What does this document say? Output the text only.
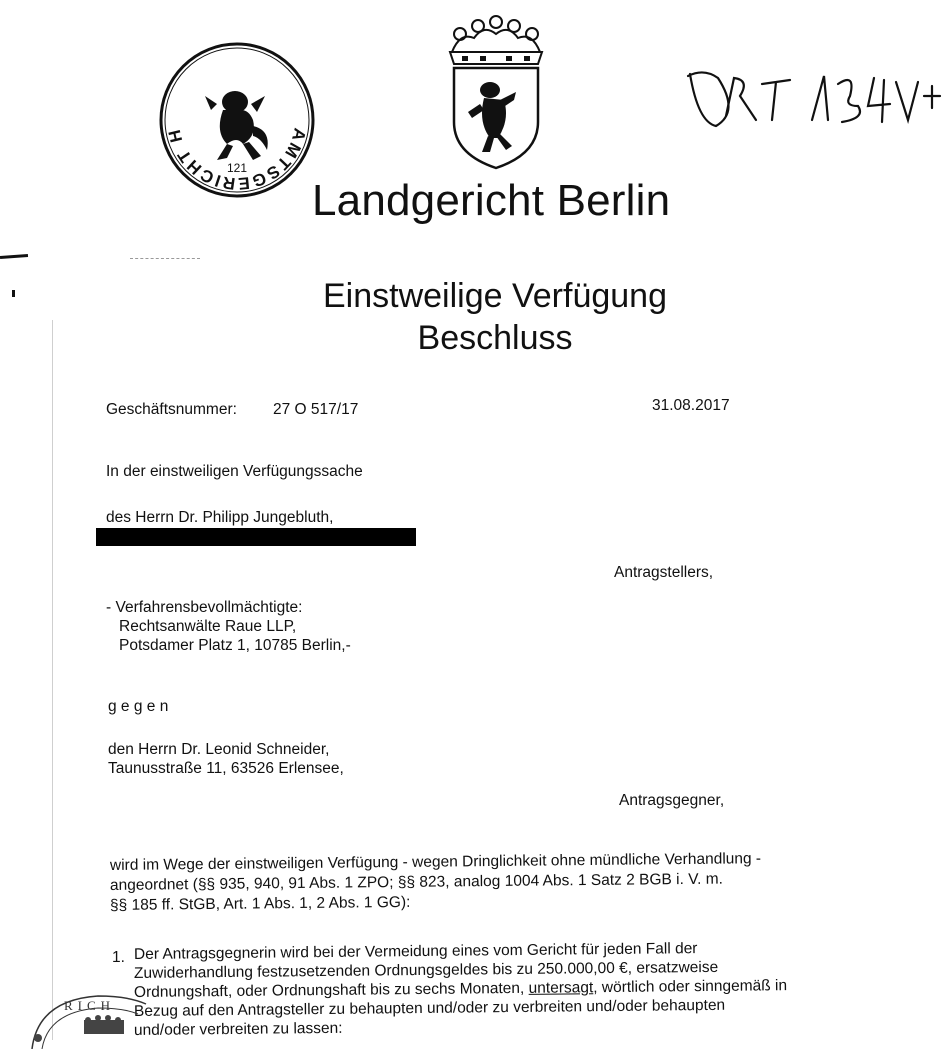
AMTSGERICHT H
121
Landgericht Berlin
Einstweilige Verfügung
Beschluss
Geschäftsnummer: 27 O 517/17	31.08.2017
In der einstweiligen Verfügungssache
des Herrn Dr. Philipp Jungebluth,
Antragstellers,
- Verfahrensbevollmächtigte:
Rechtsanwälte Raue LLP,
Potsdamer Platz 1, 10785 Berlin,-
g e g e n
den Herrn Dr. Leonid Schneider,
Taunusstraße 11, 63526 Erlensee,
Antragsgegner,
wird im Wege der einstweiligen Verfügung - wegen Dringlichkeit ohne mündliche Verhandlung -
angeordnet (§§ 935, 940, 91 Abs. 1 ZPO; §§ 823, analog 1004 Abs. 1 Satz 2 BGB i. V. m.
§§ 185 ff. StGB, Art. 1 Abs. 1, 2 Abs. 1 GG):
1. Der Antragsgegnerin wird bei der Vermeidung eines vom Gericht für jeden Fall der
Zuwiderhandlung festzusetzenden Ordnungsgeldes bis zu 250.000,00 €, ersatzweise
Ordnungshaft, oder Ordnungshaft bis zu sechs Monaten, untersagt, wörtlich oder sinngemäß in
Bezug auf den Antragsteller zu behaupten und/oder zu verbreiten und/oder behaupten
und/oder verbreiten zu lassen:
RICH
